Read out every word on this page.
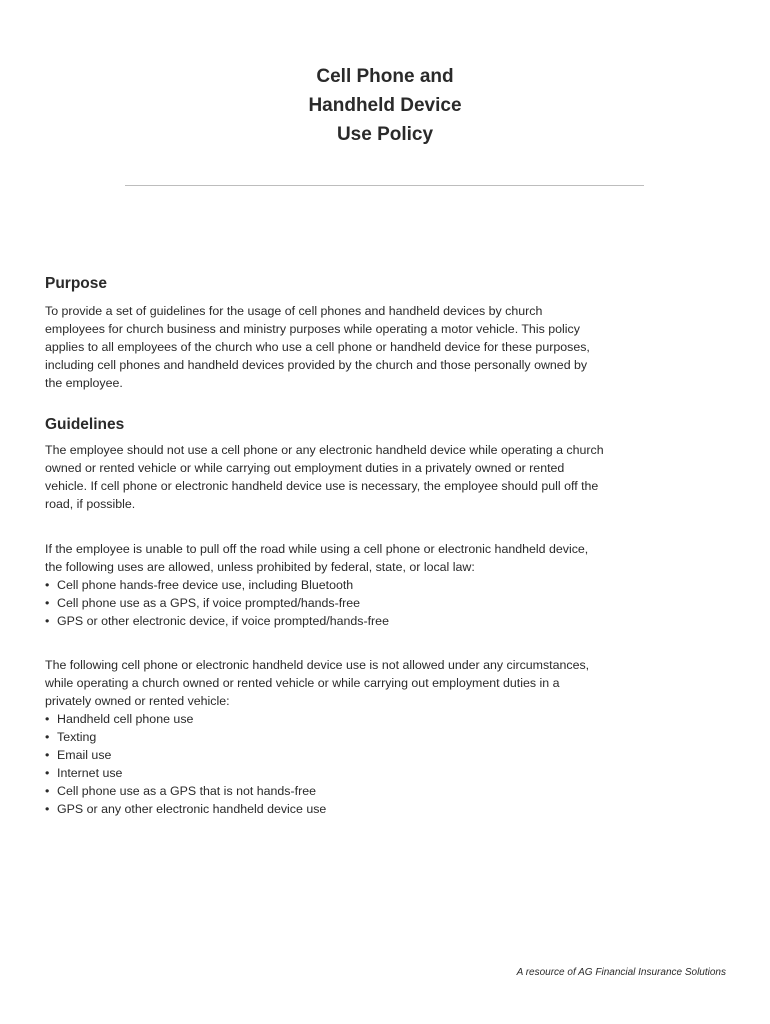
Cell Phone and
Handheld Device
Use Policy
Purpose

To provide a set of guidelines for the usage of cell phones and handheld devices by church employees for church business and ministry purposes while operating a motor vehicle. This policy applies to all employees of the church who use a cell phone or handheld device for these purposes, including cell phones and handheld devices provided by the church and those personally owned by the employee.

Guidelines

The employee should not use a cell phone or any electronic handheld device while operating a church owned or rented vehicle or while carrying out employment duties in a privately owned or rented vehicle. If cell phone or electronic handheld device use is necessary, the employee should pull off the road, if possible.

If the employee is unable to pull off the road while using a cell phone or electronic handheld device, the following uses are allowed, unless prohibited by federal, state, or local law:

• Cell phone hands-free device use, including Bluetooth
• Cell phone use as a GPS, if voice prompted/hands-free
• GPS or other electronic device, if voice prompted/hands-free

The following cell phone or electronic handheld device use is not allowed under any circumstances, while operating a church owned or rented vehicle or while carrying out employment duties in a privately owned or rented vehicle:

• Handheld cell phone use
• Texting
• Email use
• Internet use
• Cell phone use as a GPS that is not hands-free
• GPS or any other electronic handheld device use
A resource of AG Financial Insurance Solutions
